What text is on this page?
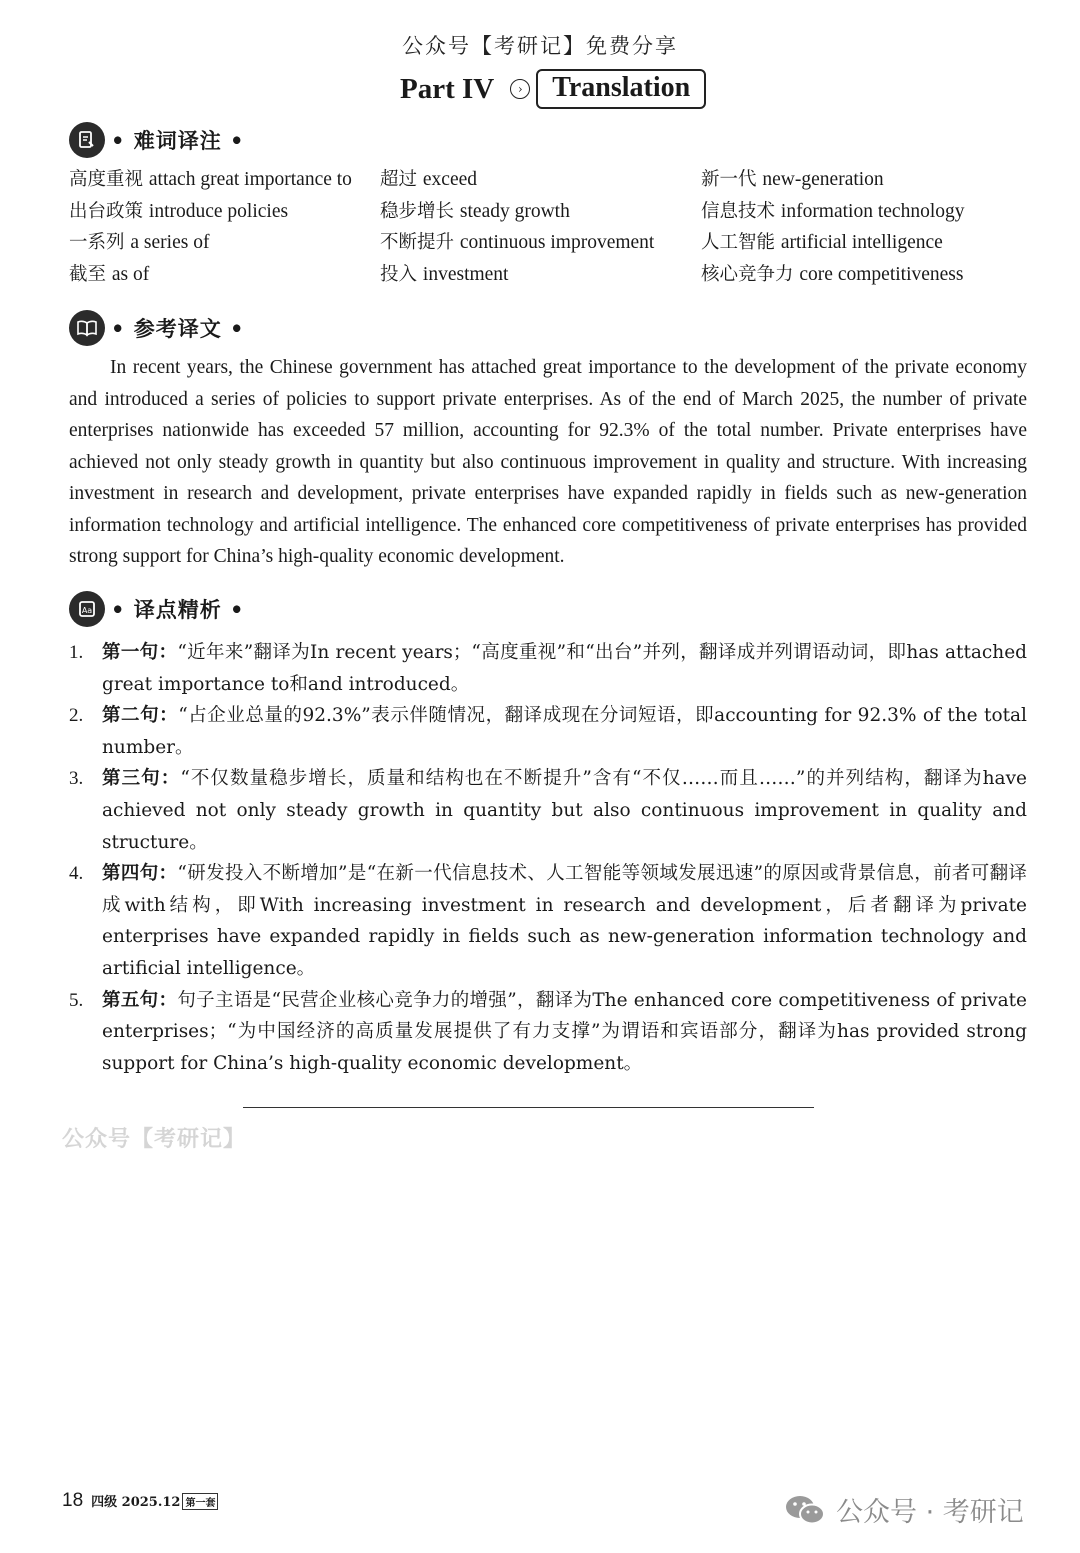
公众号【考研记】免费分享
Part IV	›	Translation
• 难词译注 •
高度重视 attach great importance to	超过 exceed	新一代 new-generation
出台政策 introduce policies	稳步增长 steady growth	信息技术 information technology
一系列 a series of	不断提升 continuous improvement	人工智能 artificial intelligence
截至 as of	投入 investment	核心竞争力 core competitiveness
• 参考译文 •

In recent years, the Chinese government has attached great importance to the development of the private economy and introduced a series of policies to support private enterprises. As of the end of March 2025, the number of private enterprises nationwide has exceeded 57 million, accounting for 92.3% of the total number. Private enterprises have achieved not only steady growth in quantity but also continuous improvement in quality and structure. With increasing investment in research and development, private enterprises have expanded rapidly in fields such as new-generation information technology and artificial intelligence. The enhanced core competitiveness of private enterprises has provided strong support for China’s high-quality economic development.

Aa • 译点精析 •
1.	第一句：“近年来”翻译为In recent years；“高度重视”和“出台”并列，翻译成并列谓语动词，即has attached great importance to和and introduced。
2.	第二句：“占企业总量的92.3%”表示伴随情况，翻译成现在分词短语，即accounting for 92.3% of the total number。
3.	第三句：“不仅数量稳步增长，质量和结构也在不断提升”含有“不仅……而且……”的并列结构，翻译为have achieved not only steady growth in quantity but also continuous improvement in quality and structure。
4.	第四句：“研发投入不断增加”是“在新一代信息技术、人工智能等领域发展迅速”的原因或背景信息，前者可翻译成with结构，即With increasing investment in research and development，后者翻译为private enterprises have expanded rapidly in fields such as new-generation information technology and artificial intelligence。
5.	第五句：句子主语是“民营企业核心竞争力的增强”，翻译为The enhanced core competitiveness of private enterprises；“为中国经济的高质量发展提供了有力支撑”为谓语和宾语部分，翻译为has provided strong support for China’s high-quality economic development。
公众号【考研记】
18 四级 2025.12 第一套	公众号 · 考研记
